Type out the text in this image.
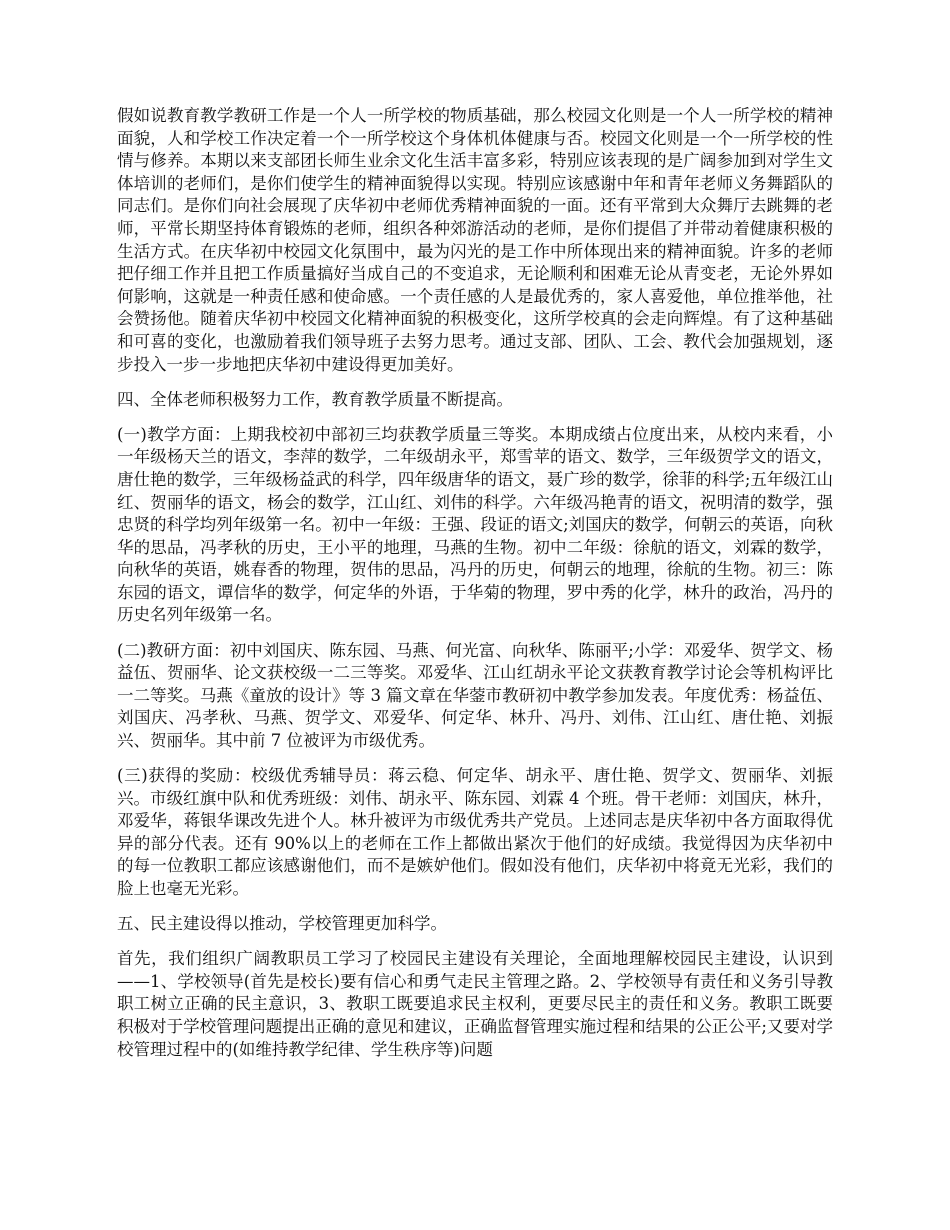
假如说教育教学教研工作是一个人一所学校的物质基础，那么校园文化则是一个人一所学校的精神面貌，人和学校工作决定着一个一所学校这个身体机体健康与否。校园文化则是一个一所学校的性情与修养。本期以来支部团长师生业余文化生活丰富多彩，特别应该表现的是广阔参加到对学生文体培训的老师们，是你们使学生的精神面貌得以实现。特别应该感谢中年和青年老师义务舞蹈队的同志们。是你们向社会展现了庆华初中老师优秀精神面貌的一面。还有平常到大众舞厅去跳舞的老师，平常长期坚持体育锻炼的老师，组织各种郊游活动的老师，是你们提倡了并带动着健康积极的生活方式。在庆华初中校园文化氛围中，最为闪光的是工作中所体现出来的精神面貌。许多的老师把仔细工作并且把工作质量搞好当成自己的不变追求，无论顺利和困难无论从青变老，无论外界如何影响，这就是一种责任感和使命感。一个责任感的人是最优秀的，家人喜爱他，单位推举他，社会赞扬他。随着庆华初中校园文化精神面貌的积极变化，这所学校真的会走向辉煌。有了这种基础和可喜的变化，也激励着我们领导班子去努力思考。通过支部、团队、工会、教代会加强规划，逐步投入一步一步地把庆华初中建设得更加美好。

四、全体老师积极努力工作，教育教学质量不断提高。

(一)教学方面：上期我校初中部初三均获教学质量三等奖。本期成绩占位度出来，从校内来看，小一年级杨天兰的语文，李萍的数学，二年级胡永平，郑雪苹的语文、数学，三年级贺学文的语文，唐仕艳的数学，三年级杨益武的科学，四年级唐华的语文，聂广珍的数学，徐菲的科学;五年级江山红、贺丽华的语文，杨会的数学，江山红、刘伟的科学。六年级冯艳青的语文，祝明清的数学，强忠贤的科学均列年级第一名。初中一年级：王强、段证的语文;刘国庆的数学，何朝云的英语，向秋华的思品，冯孝秋的历史，王小平的地理，马燕的生物。初中二年级：徐航的语文，刘霖的数学，向秋华的英语，姚春香的物理，贺伟的思品，冯丹的历史，何朝云的地理，徐航的生物。初三：陈东园的语文，谭信华的数学，何定华的外语，于华菊的物理，罗中秀的化学，林升的政治，冯丹的历史名列年级第一名。

(二)教研方面：初中刘国庆、陈东园、马燕、何光富、向秋华、陈丽平;小学：邓爱华、贺学文、杨益伍、贺丽华、论文获校级一二三等奖。邓爱华、江山红胡永平论文获教育教学讨论会等机构评比一二等奖。马燕《童放的设计》等 3 篇文章在华蓥市教研初中教学参加发表。年度优秀：杨益伍、刘国庆、冯孝秋、马燕、贺学文、邓爱华、何定华、林升、冯丹、刘伟、江山红、唐仕艳、刘振兴、贺丽华。其中前 7 位被评为市级优秀。

(三)获得的奖励：校级优秀辅导员：蒋云稳、何定华、胡永平、唐仕艳、贺学文、贺丽华、刘振兴。市级红旗中队和优秀班级：刘伟、胡永平、陈东园、刘霖 4 个班。骨干老师：刘国庆，林升，邓爱华，蒋银华课改先进个人。林升被评为市级优秀共产党员。上述同志是庆华初中各方面取得优异的部分代表。还有 90%以上的老师在工作上都做出紧次于他们的好成绩。我觉得因为庆华初中的每一位教职工都应该感谢他们，而不是嫉妒他们。假如没有他们，庆华初中将竟无光彩，我们的脸上也毫无光彩。

五、民主建设得以推动，学校管理更加科学。

首先，我们组织广阔教职员工学习了校园民主建设有关理论，全面地理解校园民主建设，认识到——1、学校领导(首先是校长)要有信心和勇气走民主管理之路。2、学校领导有责任和义务引导教职工树立正确的民主意识，3、教职工既要追求民主权利，更要尽民主的责任和义务。教职工既要积极对于学校管理问题提出正确的意见和建议，正确监督管理实施过程和结果的公正公平;又要对学校管理过程中的(如维持教学纪律、学生秩序等)问题
